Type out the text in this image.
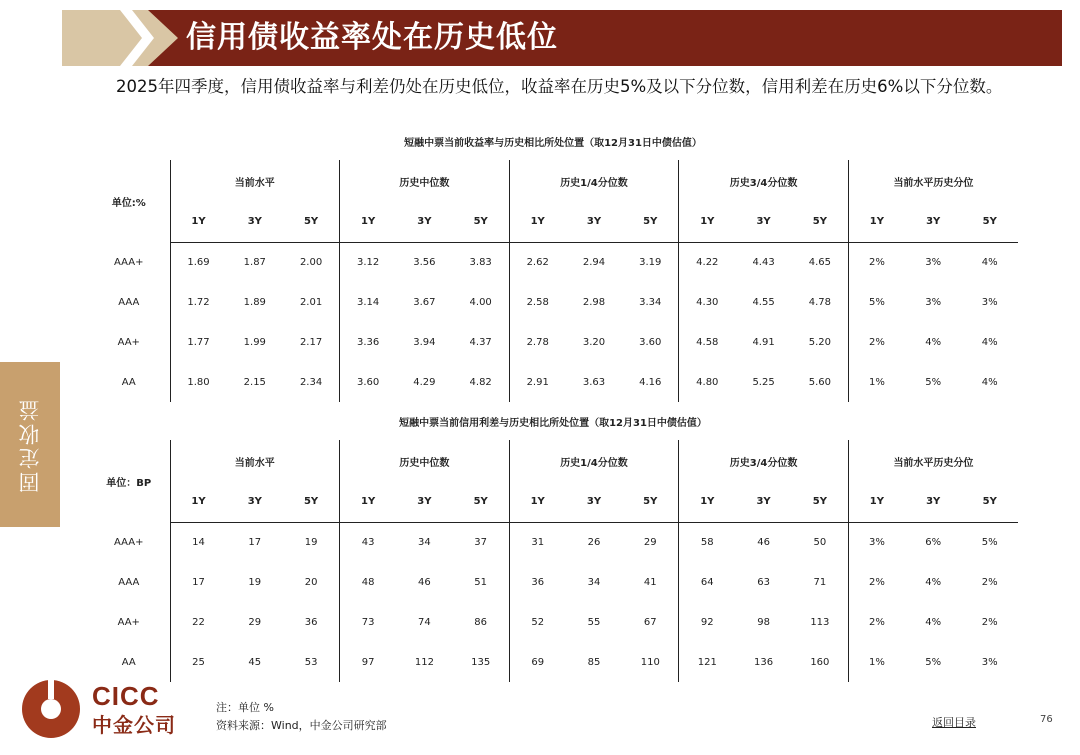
信用债收益率处在历史低位
2025年四季度，信用债收益率与利差仍处在历史低位，收益率在历史5%及以下分位数，信用利差在历史6%以下分位数。
固定收益
短融中票当前收益率与历史相比所处位置（取12月31日中债估值）
单位:%	当前水平			历史中位数			历史1/4分位数			历史3/4分位数			当前水平历史分位		
	1Y	3Y	5Y	1Y	3Y	5Y	1Y	3Y	5Y	1Y	3Y	5Y	1Y	3Y	5Y
AAA+	1.69	1.87	2.00	3.12	3.56	3.83	2.62	2.94	3.19	4.22	4.43	4.65	2%	3%	4%
AAA	1.72	1.89	2.01	3.14	3.67	4.00	2.58	2.98	3.34	4.30	4.55	4.78	5%	3%	3%
AA+	1.77	1.99	2.17	3.36	3.94	4.37	2.78	3.20	3.60	4.58	4.91	5.20	2%	4%	4%
AA	1.80	2.15	2.34	3.60	4.29	4.82	2.91	3.63	4.16	4.80	5.25	5.60	1%	5%	4%
短融中票当前信用利差与历史相比所处位置（取12月31日中债估值）
单位：BP	当前水平			历史中位数			历史1/4分位数			历史3/4分位数			当前水平历史分位		
	1Y	3Y	5Y	1Y	3Y	5Y	1Y	3Y	5Y	1Y	3Y	5Y	1Y	3Y	5Y
AAA+	14	17	19	43	34	37	31	26	29	58	46	50	3%	6%	5%
AAA	17	19	20	48	46	51	36	34	41	64	63	71	2%	4%	2%
AA+	22	29	36	73	74	86	52	55	67	92	98	113	2%	4%	2%
AA	25	45	53	97	112	135	69	85	110	121	136	160	1%	5%	3%
CICC
中金公司
注：单位 %
资料来源：Wind，中金公司研究部	返回目录	76
